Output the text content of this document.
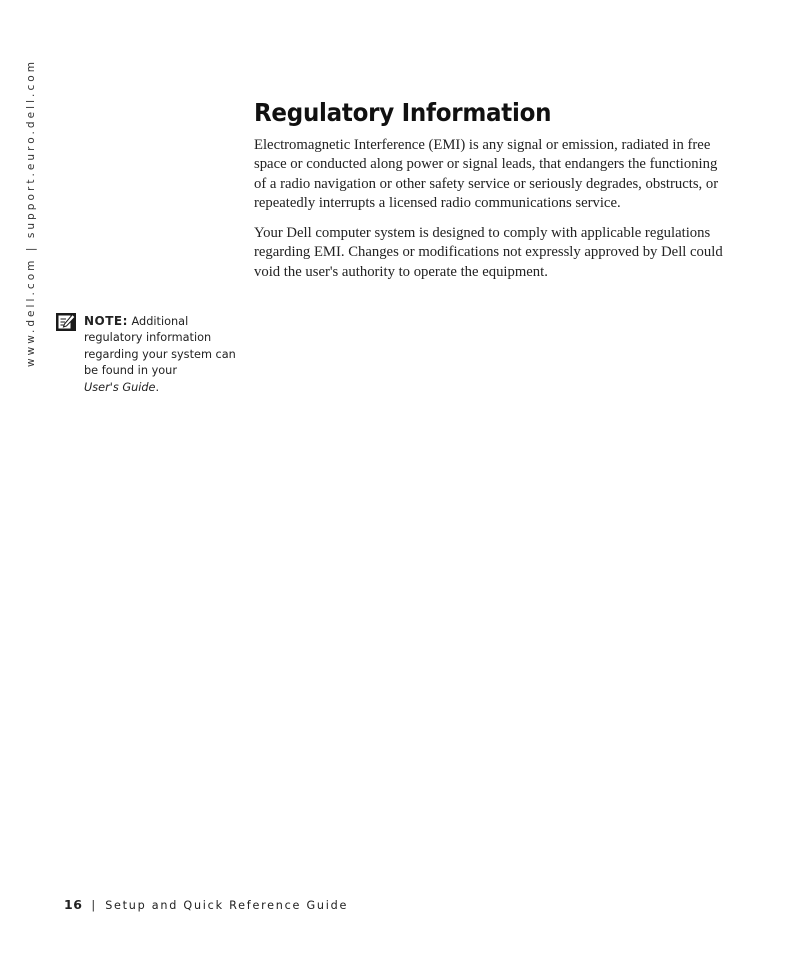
www.dell.com | support.euro.dell.com	NOTE: Additional regulatory information regarding your system can be found in your
User's Guide.
Regulatory Information

Electromagnetic Interference (EMI) is any signal or emission, radiated in free space or conducted along power or signal leads, that endangers the functioning of a radio navigation or other safety service or seriously degrades, obstructs, or repeatedly interrupts a licensed radio communications service.

Your Dell computer system is designed to comply with applicable regulations regarding EMI. Changes or modifications not expressly approved by Dell could void the user's authority to operate the equipment.

16 | Setup and Quick Reference Guide
